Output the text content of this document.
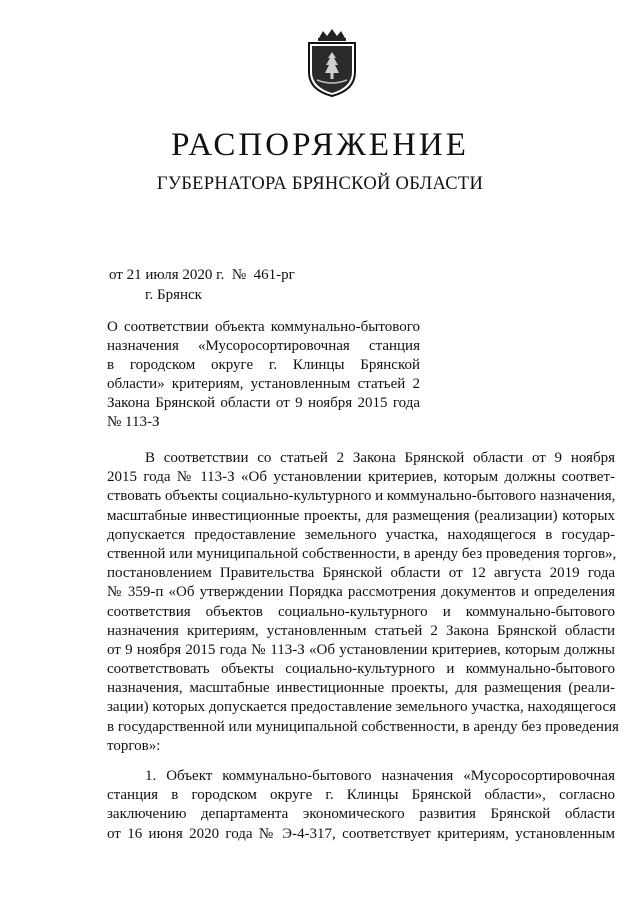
РАСПОРЯЖЕНИЕ
ГУБЕРНАТОРА БРЯНСКОЙ ОБЛАСТИ
от 21 июля 2020 г.  №  461-рг
г. Брянск
О соответствии объекта коммунально-бытового
назначения «Мусоросортировочная станция
в городском округе г. Клинцы Брянской
области» критериям, установленным статьей 2
Закона Брянской области от 9 ноября 2015 года
№ 113-З
В соответствии со статьей 2 Закона Брянской области от 9 ноября
2015 года № 113-З «Об установлении критериев, которым должны соответ-
ствовать объекты социально-культурного и коммунально-бытового назначения,
масштабные инвестиционные проекты, для размещения (реализации) которых
допускается предоставление земельного участка, находящегося в государ-
ственной или муниципальной собственности, в аренду без проведения торгов»,
постановлением Правительства Брянской области от 12 августа 2019 года
№ 359-п «Об утверждении Порядка рассмотрения документов и определения
соответствия объектов социально-культурного и коммунально-бытового
назначения критериям, установленным статьей 2 Закона Брянской области
от 9 ноября 2015 года № 113-З «Об установлении критериев, которым должны
соответствовать объекты социально-культурного и коммунально-бытового
назначения, масштабные инвестиционные проекты, для размещения (реали-
зации) которых допускается предоставление земельного участка, находящегося
в государственной или муниципальной собственности, в аренду без проведения
торгов»:
1. Объект коммунально-бытового назначения «Мусоросортировочная
станция в городском округе г. Клинцы Брянской области», согласно
заключению департамента экономического развития Брянской области
от 16 июня 2020 года № Э-4-317, соответствует критериям, установленным
